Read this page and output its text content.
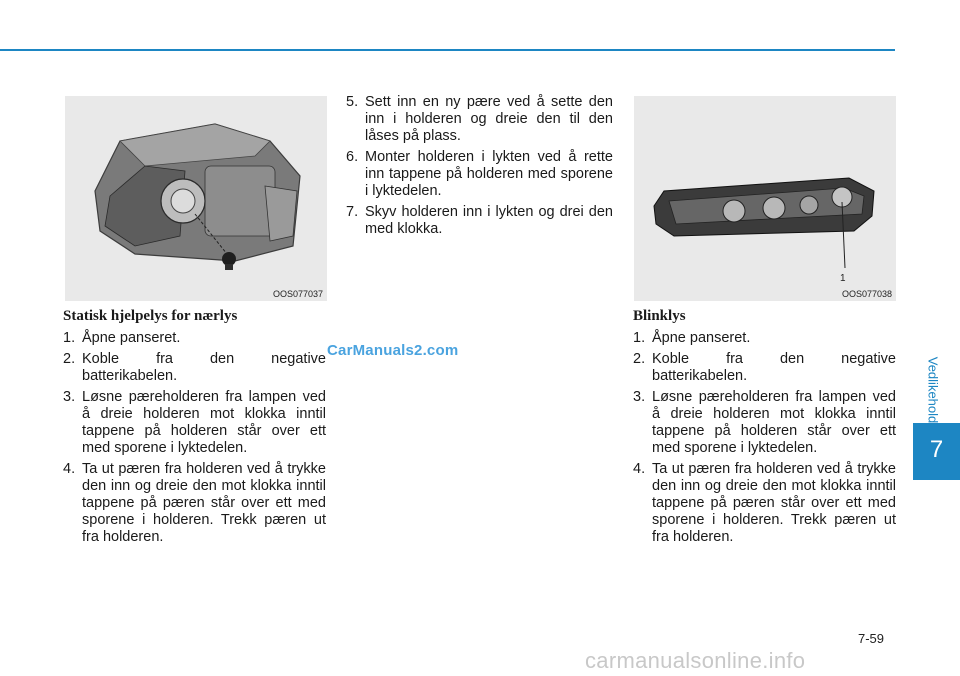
OOS077037
1
OOS077038
Statisk hjelpelys for nærlys
1. Åpne panseret.
2. Koble fra den negative batterikabelen.
3. Løsne pæreholderen fra lampen ved å dreie holderen mot klokka inntil tappene på holderen står over ett med sporene i lyktedelen.
4. Ta ut pæren fra holderen ved å trykke den inn og dreie den mot klokka inntil tappene på pæren står over ett med sporene i holderen. Trekk pæren ut fra holderen.
5. Sett inn en ny pære ved å sette den inn i holderen og dreie den til den låses på plass.
6. Monter holderen i lykten ved å rette inn tappene på holderen med sporene i lyktedelen.
7. Skyv holderen inn i lykten og drei den med klokka.
Blinklys
1. Åpne panseret.
2. Koble fra den negative batterikabelen.
3. Løsne pæreholderen fra lampen ved å dreie holderen mot klokka inntil tappene på holderen står over ett med sporene i lyktedelen.
4. Ta ut pæren fra holderen ved å trykke den inn og dreie den mot klokka inntil tappene på pæren står over ett med sporene i holderen. Trekk pæren ut fra holderen.
CarManuals2.com
Vedlikehold
7
7-59
carmanualsonline.info
